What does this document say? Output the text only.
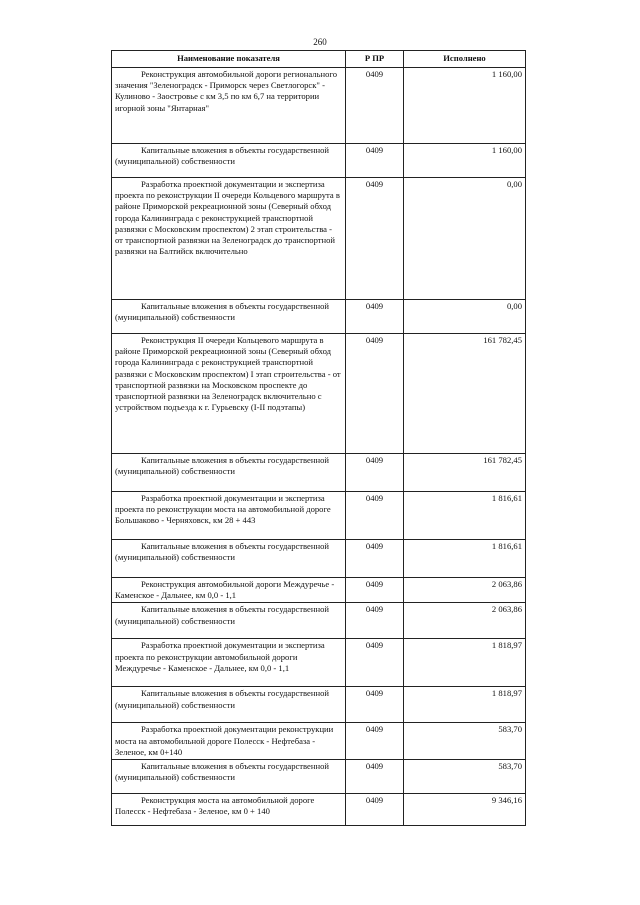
260
Наименование показателя	Р ПР	Исполнено
Реконструкция автомобильной дороги регионального значения "Зеленоградск - Приморск через Светлогорск" - Кулиново - Заостровье с км 3,5 по км 6,7 на территории игорной зоны "Янтарная"	0409	1 160,00
Капитальные вложения в объекты государственной (муниципальной) собственности	0409	1 160,00
Разработка проектной документации и экспертиза проекта по реконструкции II очереди Кольцевого маршрута в районе Приморской рекреационной зоны (Северный обход города Калининграда с реконструкцией транспортной развязки с Московским проспектом) 2 этап строительства - от транспортной развязки на Зеленоградск до транспортной развязки на Балтийск включительно	0409	0,00
Капитальные вложения в объекты государственной (муниципальной) собственности	0409	0,00
Реконструкция II очереди Кольцевого маршрута в районе Приморской рекреационной зоны (Северный обход города Калининграда с реконструкцией транспортной развязки с Московским проспектом) I этап строительства - от транспортной развязки на Московском проспекте до транспортной развязки на Зеленоградск включительно с устройством подъезда к г. Гурьевску (I-II подэтапы)	0409	161 782,45
Капитальные вложения в объекты государственной (муниципальной) собственности	0409	161 782,45
Разработка проектной документации и экспертиза проекта по реконструкции моста на автомобильной дороге Большаково - Черняховск, км 28 + 443	0409	1 816,61
Капитальные вложения в объекты государственной (муниципальной) собственности	0409	1 816,61
Реконструкция автомобильной дороги Междуречье - Каменское - Дальнее, км 0,0 - 1,1	0409	2 063,86
Капитальные вложения в объекты государственной (муниципальной) собственности	0409	2 063,86
Разработка проектной документации и экспертиза проекта по реконструкции автомобильной дороги Междуречье - Каменское - Дальнее, км 0,0 - 1,1	0409	1 818,97
Капитальные вложения в объекты государственной (муниципальной) собственности	0409	1 818,97
Разработка проектной документации реконструкции моста на автомобильной дороге Полесск - Нефтебаза - Зеленое, км 0+140	0409	583,70
Капитальные вложения в объекты государственной (муниципальной) собственности	0409	583,70
Реконструкция моста на автомобильной дороге Полесск - Нефтебаза - Зеленое, км 0 + 140	0409	9 346,16
